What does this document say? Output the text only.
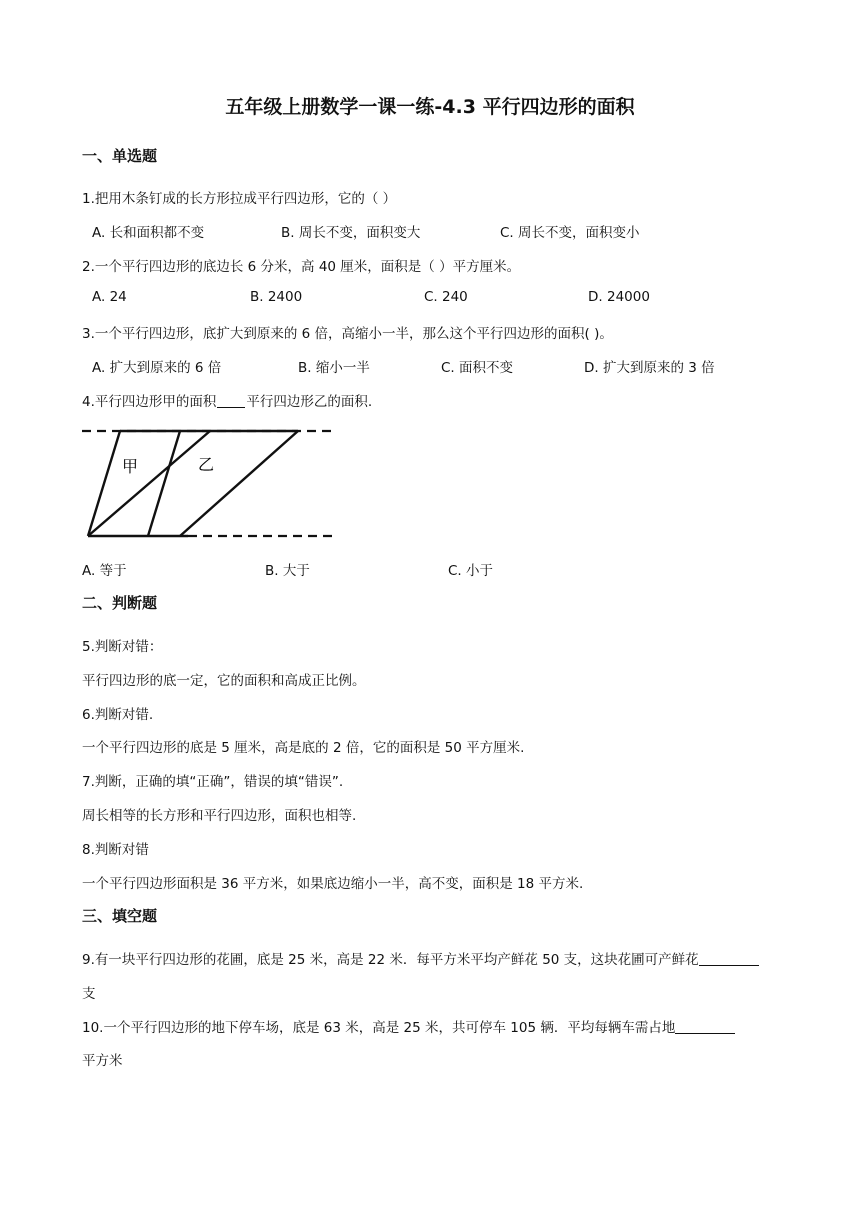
五年级上册数学一课一练-4.3 平行四边形的面积
一、单选题
1.把用木条钉成的长方形拉成平行四边形，它的（ ）
A. 长和面积都不变	B. 周长不变，面积变大	C. 周长不变，面积变小
2.一个平行四边形的底边长 6 分米，高 40 厘米，面积是（ ）平方厘米。
A. 24	B. 2400	C. 240	D. 24000
3.一个平行四边形，底扩大到原来的 6 倍，高缩小一半，那么这个平行四边形的面积( )。
A. 扩大到原来的 6 倍	B. 缩小一半	C. 面积不变	D. 扩大到原来的 3 倍
4.平行四边形甲的面积 平行四边形乙的面积.
甲	乙
A. 等于	B. 大于	C. 小于
二、判断题
5.判断对错：
平行四边形的底一定，它的面积和高成正比例。
6.判断对错.
一个平行四边形的底是 5 厘米，高是底的 2 倍，它的面积是 50 平方厘米.
7.判断，正确的填“正确”，错误的填“错误”.
周长相等的长方形和平行四边形，面积也相等.
8.判断对错
一个平行四边形面积是 36 平方米，如果底边缩小一半，高不变，面积是 18 平方米.
三、填空题
9.有一块平行四边形的花圃，底是 25 米，高是 22 米．每平方米平均产鲜花 50 支，这块花圃可产鲜花
支
10.一个平行四边形的地下停车场，底是 63 米，高是 25 米，共可停车 105 辆．平均每辆车需占地
平方米
